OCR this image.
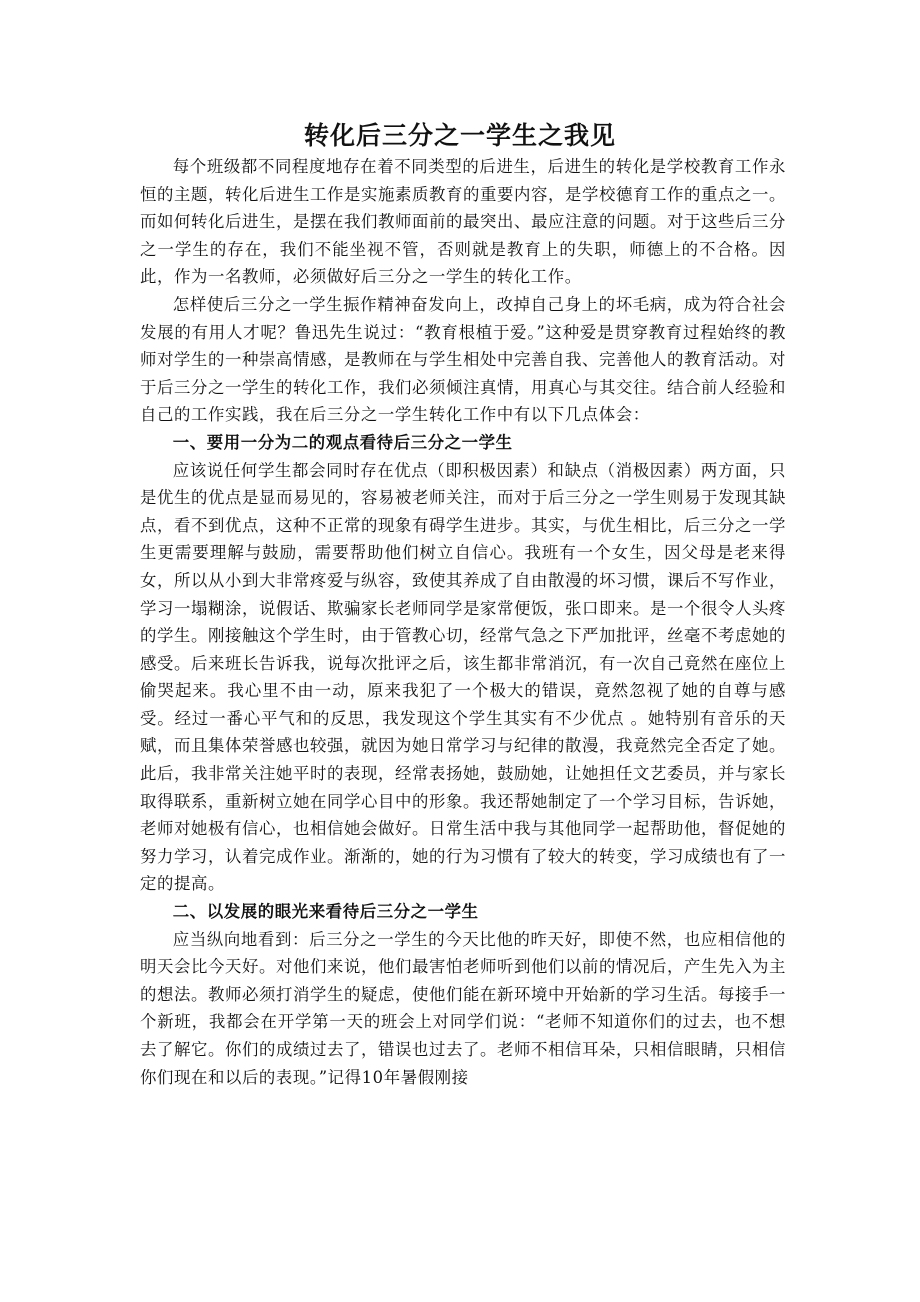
转化后三分之一学生之我见

每个班级都不同程度地存在着不同类型的后进生，后进生的转化是学校教育工作永恒的主题，转化后进生工作是实施素质教育的重要内容，是学校德育工作的重点之一。而如何转化后进生，是摆在我们教师面前的最突出、最应注意的问题。对于这些后三分之一学生的存在，我们不能坐视不管，否则就是教育上的失职，师德上的不合格。因此，作为一名教师，必须做好后三分之一学生的转化工作。

怎样使后三分之一学生振作精神奋发向上，改掉自己身上的坏毛病，成为符合社会发展的有用人才呢？鲁迅先生说过：“教育根植于爱。”这种爱是贯穿教育过程始终的教师对学生的一种崇高情感，是教师在与学生相处中完善自我、完善他人的教育活动。对于后三分之一学生的转化工作，我们必须倾注真情，用真心与其交往。结合前人经验和自己的工作实践，我在后三分之一学生转化工作中有以下几点体会：

一、要用一分为二的观点看待后三分之一学生

应该说任何学生都会同时存在优点（即积极因素）和缺点（消极因素）两方面，只是优生的优点是显而易见的，容易被老师关注，而对于后三分之一学生则易于发现其缺点，看不到优点，这种不正常的现象有碍学生进步。其实，与优生相比，后三分之一学生更需要理解与鼓励，需要帮助他们树立自信心。我班有一个女生，因父母是老来得女，所以从小到大非常疼爱与纵容，致使其养成了自由散漫的坏习惯，课后不写作业，学习一塌糊涂，说假话、欺骗家长老师同学是家常便饭，张口即来。是一个很令人头疼的学生。刚接触这个学生时，由于管教心切，经常气急之下严加批评，丝毫不考虑她的感受。后来班长告诉我，说每次批评之后，该生都非常消沉，有一次自己竟然在座位上偷哭起来。我心里不由一动，原来我犯了一个极大的错误，竟然忽视了她的自尊与感受。经过一番心平气和的反思，我发现这个学生其实有不少优点 。她特别有音乐的天赋，而且集体荣誉感也较强，就因为她日常学习与纪律的散漫，我竟然完全否定了她。此后，我非常关注她平时的表现，经常表扬她，鼓励她，让她担任文艺委员，并与家长取得联系，重新树立她在同学心目中的形象。我还帮她制定了一个学习目标，告诉她，老师对她极有信心，也相信她会做好。日常生活中我与其他同学一起帮助他，督促她的努力学习，认着完成作业。渐渐的，她的行为习惯有了较大的转变，学习成绩也有了一定的提高。

二、以发展的眼光来看待后三分之一学生

应当纵向地看到：后三分之一学生的今天比他的昨天好，即使不然，也应相信他的明天会比今天好。对他们来说，他们最害怕老师听到他们以前的情况后，产生先入为主的想法。教师必须打消学生的疑虑，使他们能在新环境中开始新的学习生活。每接手一个新班，我都会在开学第一天的班会上对同学们说：“老师不知道你们的过去，也不想去了解它。你们的成绩过去了，错误也过去了。老师不相信耳朵，只相信眼睛，只相信你们现在和以后的表现。”记得10年暑假刚接
